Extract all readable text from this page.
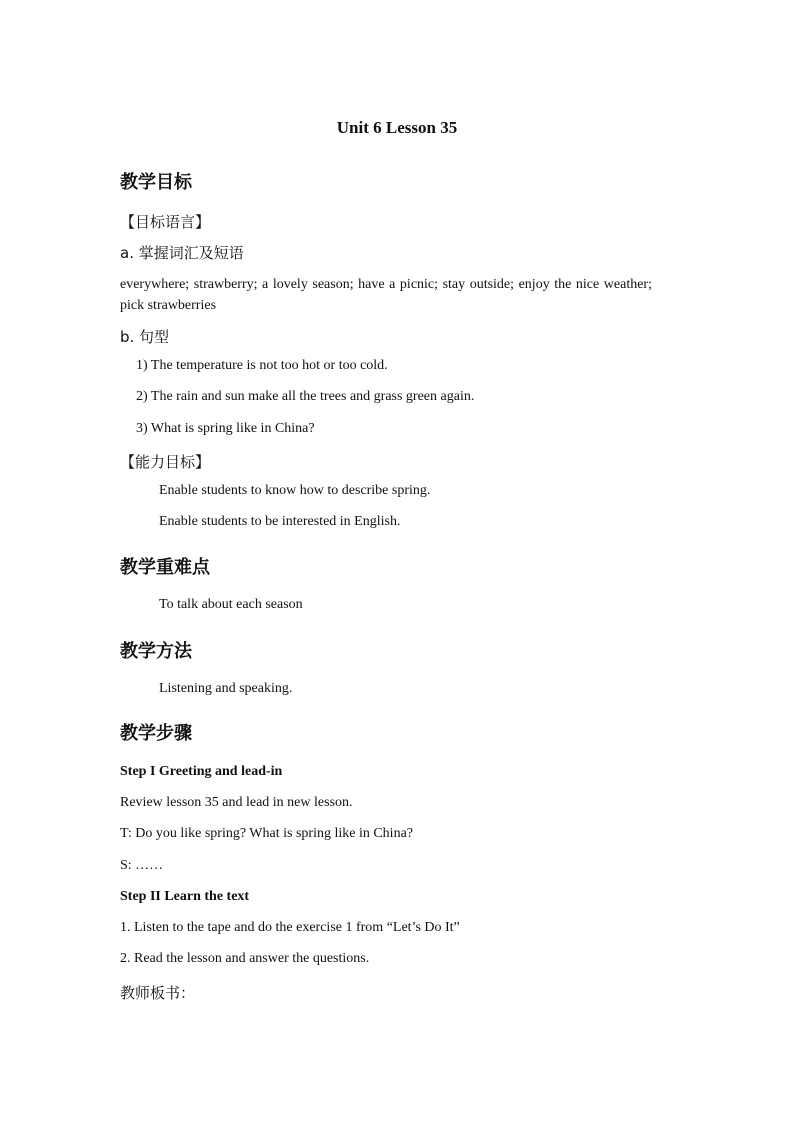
Unit 6 Lesson 35
教学目标
【目标语言】
a. 掌握词汇及短语

everywhere; strawberry; a lovely season; have a picnic; stay outside; enjoy the nice weather; pick strawberries

b. 句型
1) The temperature is not too hot or too cold.
2) The rain and sun make all the trees and grass green again.
3) What is spring like in China?
【能力目标】
Enable students to know how to describe spring.
Enable students to be interested in English.
教学重难点
To talk about each season
教学方法
Listening and speaking.
教学步骤
Step I Greeting and lead-in
Review lesson 35 and lead in new lesson.
T: Do you like spring? What is spring like in China?
S: ……
Step II Learn the text
1. Listen to the tape and do the exercise 1 from “Let’s Do It”
2. Read the lesson and answer the questions.
教师板书：
